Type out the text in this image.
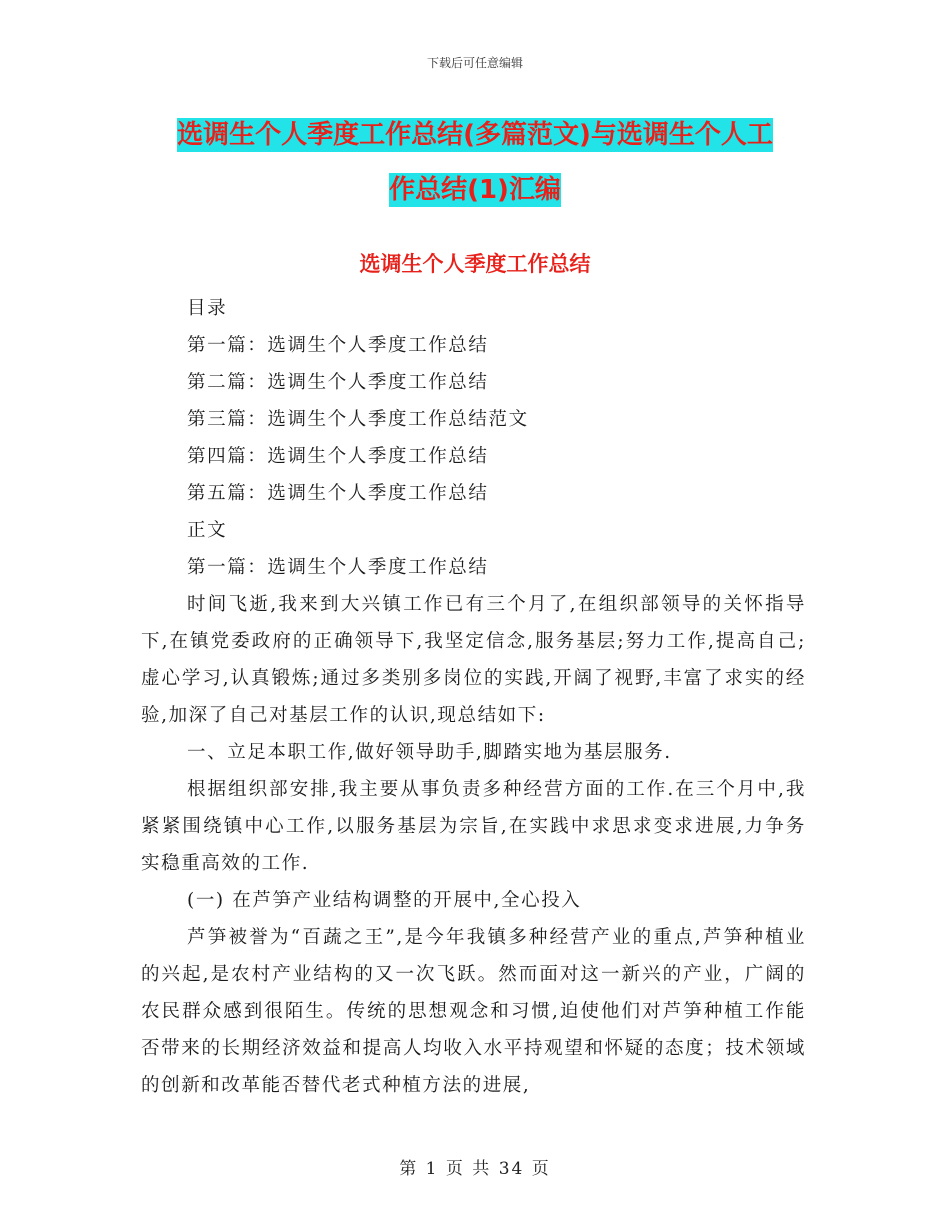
下载后可任意编辑
选调生个人季度工作总结(多篇范文)与选调生个人工
作总结(1)汇编
选调生个人季度工作总结

目录

第一篇：选调生个人季度工作总结

第二篇：选调生个人季度工作总结

第三篇：选调生个人季度工作总结范文

第四篇：选调生个人季度工作总结

第五篇：选调生个人季度工作总结

正文

第一篇：选调生个人季度工作总结

时间飞逝,我来到大兴镇工作已有三个月了,在组织部领导的关怀指导下,在镇党委政府的正确领导下,我坚定信念,服务基层;努力工作,提高自己;虚心学习,认真锻炼;通过多类别多岗位的实践,开阔了视野,丰富了求实的经验,加深了自己对基层工作的认识,现总结如下:

一、立足本职工作,做好领导助手,脚踏实地为基层服务.

根据组织部安排,我主要从事负责多种经营方面的工作.在三个月中,我紧紧围绕镇中心工作,以服务基层为宗旨,在实践中求思求变求进展,力争务实稳重高效的工作.

(一) 在芦笋产业结构调整的开展中,全心投入

芦笋被誉为“百蔬之王”,是今年我镇多种经营产业的重点,芦笋种植业的兴起,是农村产业结构的又一次飞跃。然而面对这一新兴的产业，广阔的农民群众感到很陌生。传统的思想观念和习惯,迫使他们对芦笋种植工作能否带来的长期经济效益和提高人均收入水平持观望和怀疑的态度；技术领域的创新和改革能否替代老式种植方法的进展,

第 1 页 共 34 页
